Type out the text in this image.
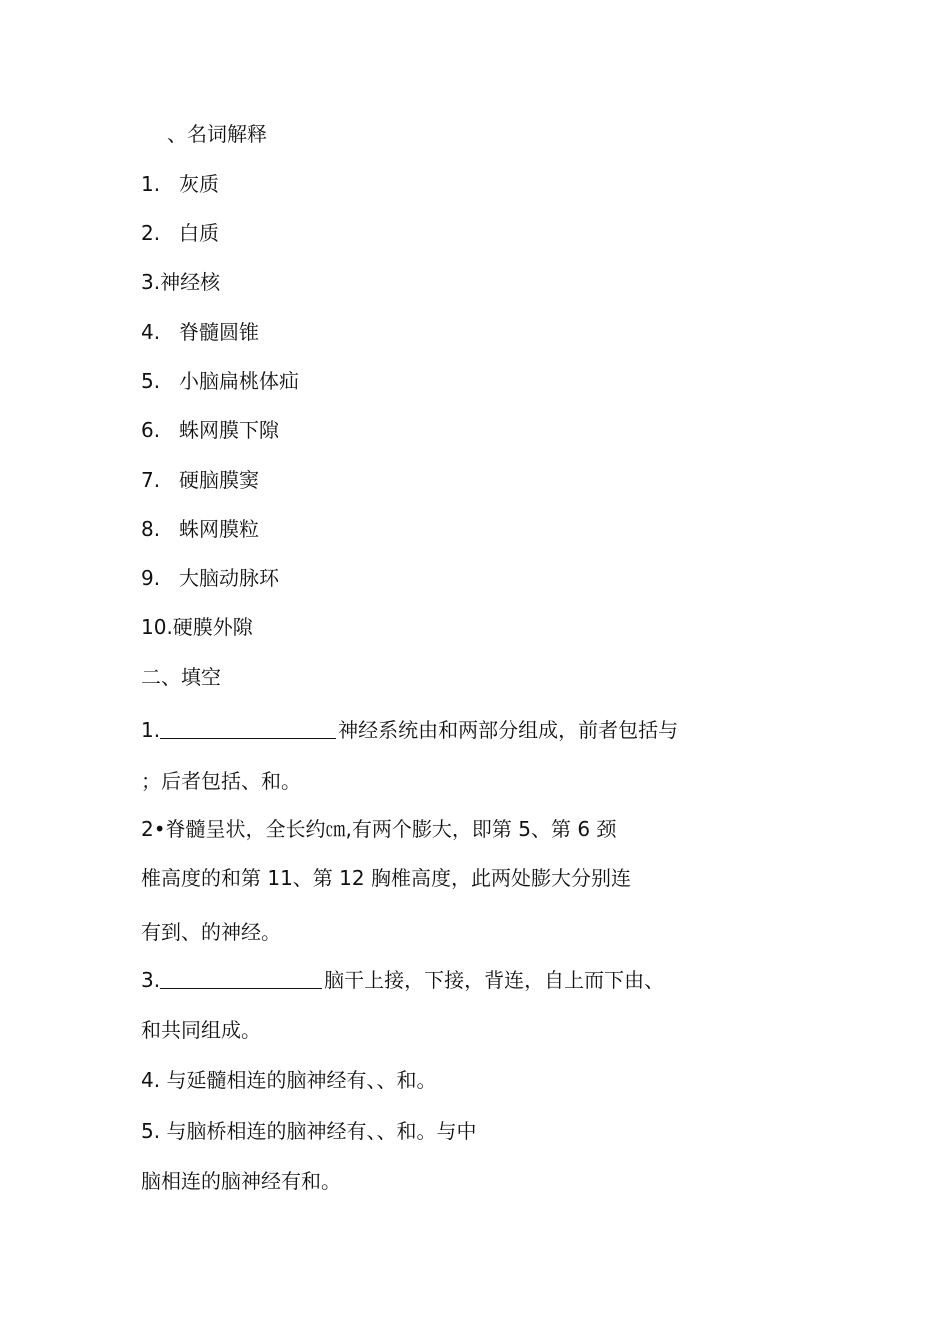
、名词解释
1. 灰质
2. 白质
3.神经核
4. 脊髓圆锥
5. 小脑扁桃体疝
6. 蛛网膜下隙
7. 硬脑膜窦
8. 蛛网膜粒
9. 大脑动脉环
10.硬膜外隙
二、填空
1.	神经系统由和两部分组成，前者包括与
；后者包括、和。
2•脊髓呈状，全长约㎝,有两个膨大，即第 5、第 6 颈
椎高度的和第 11、第 12 胸椎高度，此两处膨大分别连
有到、的神经。
3.	脑干上接，下接，背连，自上而下由、
和共同组成。
4. 与延髓相连的脑神经有、、和。
5. 与脑桥相连的脑神经有、、和。与中
脑相连的脑神经有和。
